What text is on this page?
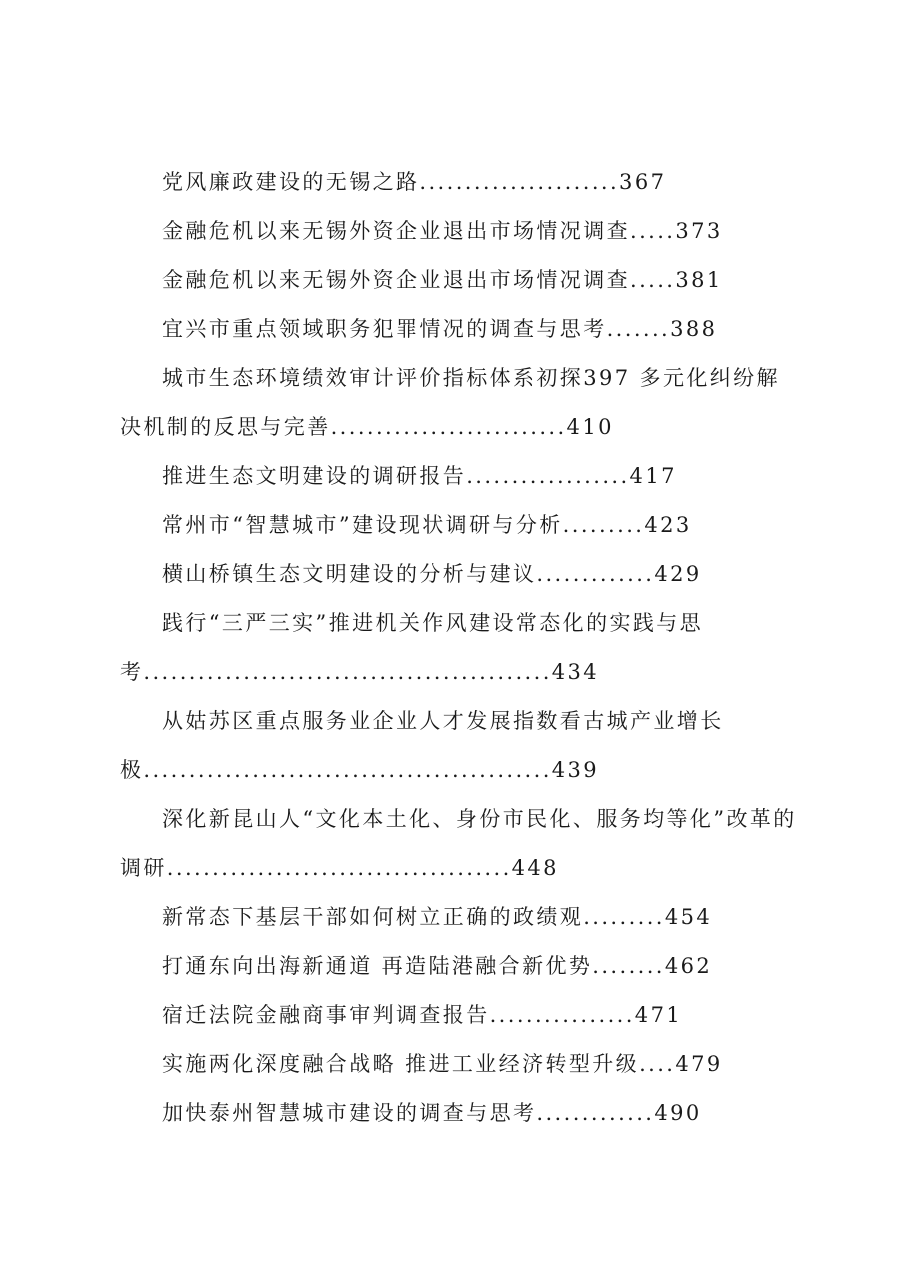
党风廉政建设的无锡之路......................367

金融危机以来无锡外资企业退出市场情况调查.....373

金融危机以来无锡外资企业退出市场情况调查.....381

宜兴市重点领域职务犯罪情况的调查与思考.......388

城市生态环境绩效审计评价指标体系初探397 多元化纠纷解决机制的反思与完善..........................410

推进生态文明建设的调研报告..................417

常州市“智慧城市”建设现状调研与分析.........423

横山桥镇生态文明建设的分析与建议.............429

践行“三严三实”推进机关作风建设常态化的实践与思考.............................................434

从姑苏区重点服务业企业人才发展指数看古城产业增长极.............................................439

深化新昆山人“文化本土化、身份市民化、服务均等化”改革的调研......................................448

新常态下基层干部如何树立正确的政绩观.........454

打通东向出海新通道 再造陆港融合新优势........462

宿迁法院金融商事审判调查报告................471

实施两化深度融合战略 推进工业经济转型升级....479

加快泰州智慧城市建设的调查与思考.............490
